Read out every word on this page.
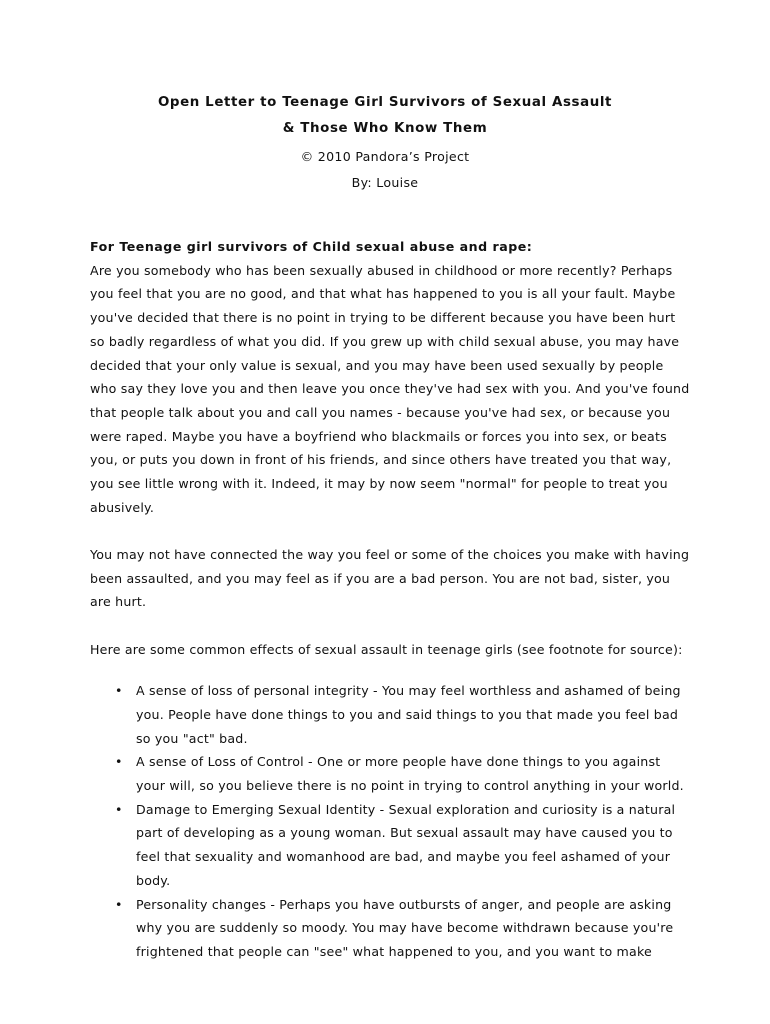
Open Letter to Teenage Girl Survivors of Sexual Assault
& Those Who Know Them

© 2010 Pandora’s Project

By: Louise

For Teenage girl survivors of Child sexual abuse and rape:

Are you somebody who has been sexually abused in childhood or more recently? Perhaps you feel that you are no good, and that what has happened to you is all your fault. Maybe you've decided that there is no point in trying to be different because you have been hurt so badly regardless of what you did. If you grew up with child sexual abuse, you may have decided that your only value is sexual, and you may have been used sexually by people who say they love you and then leave you once they've had sex with you. And you've found that people talk about you and call you names - because you've had sex, or because you were raped. Maybe you have a boyfriend who blackmails or forces you into sex, or beats you, or puts you down in front of his friends, and since others have treated you that way, you see little wrong with it. Indeed, it may by now seem "normal" for people to treat you abusively.

You may not have connected the way you feel or some of the choices you make with having been assaulted, and you may feel as if you are a bad person. You are not bad, sister, you are hurt.

Here are some common effects of sexual assault in teenage girls (see footnote for source):

• A sense of loss of personal integrity - You may feel worthless and ashamed of being you. People have done things to you and said things to you that made you feel bad so you "act" bad.
• A sense of Loss of Control - One or more people have done things to you against your will, so you believe there is no point in trying to control anything in your world.
• Damage to Emerging Sexual Identity - Sexual exploration and curiosity is a natural part of developing as a young woman. But sexual assault may have caused you to feel that sexuality and womanhood are bad, and maybe you feel ashamed of your body.
• Personality changes - Perhaps you have outbursts of anger, and people are asking why you are suddenly so moody. You may have become withdrawn because you're frightened that people can "see" what happened to you, and you want to make
